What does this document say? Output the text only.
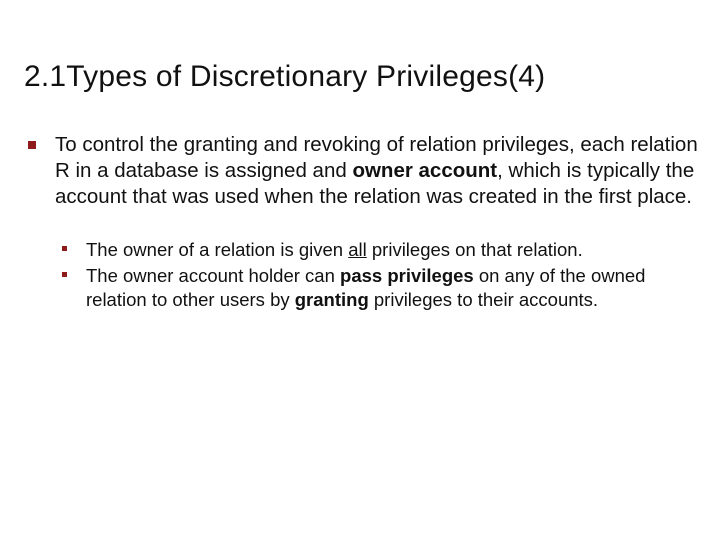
2.1Types of Discretionary Privileges(4)
To control the granting and revoking of relation privileges, each relation R in a database is assigned and owner account, which is typically the account that was used when the relation was created in the first place.
The owner of a relation is given all privileges on that relation.
The owner account holder can pass privileges on any of the owned relation to other users by granting privileges to their accounts.
